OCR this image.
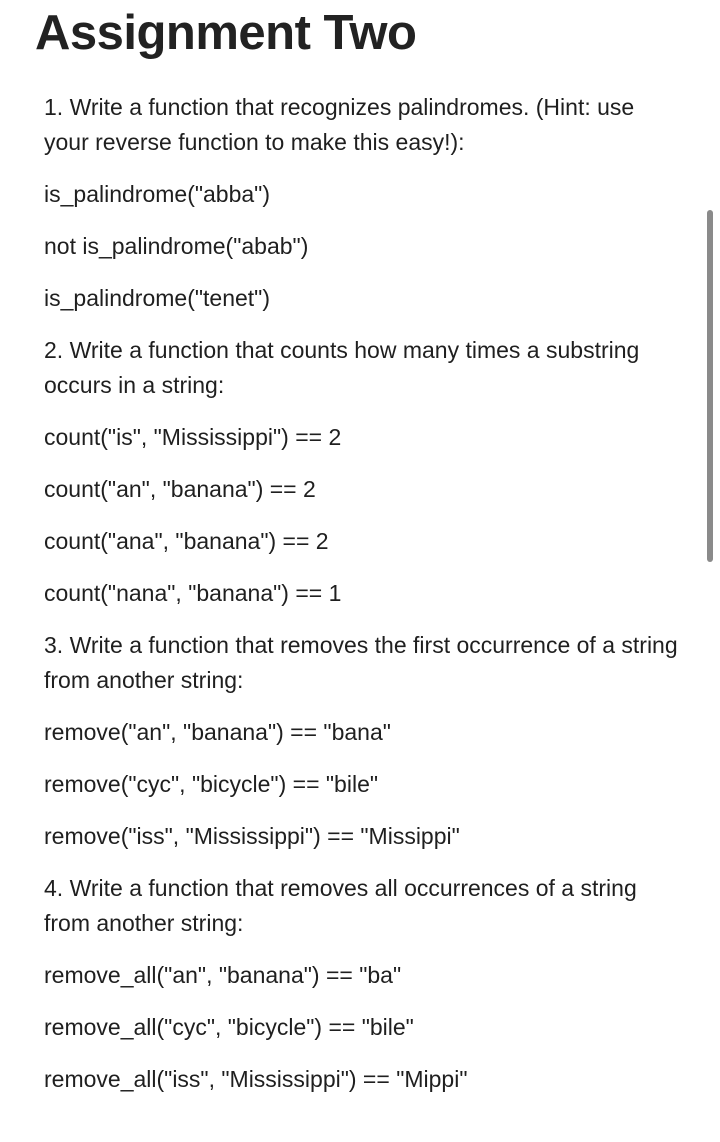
Assignment Two

1. Write a function that recognizes palindromes. (Hint: use your reverse function to make this easy!):

is_palindrome("abba")

not is_palindrome("abab")

is_palindrome("tenet")

2. Write a function that counts how many times a substring occurs in a string:

count("is", "Mississippi") == 2

count("an", "banana") == 2

count("ana", "banana") == 2

count("nana", "banana") == 1

3. Write a function that removes the first occurrence of a string from another string:

remove("an", "banana") == "bana"

remove("cyc", "bicycle") == "bile"

remove("iss", "Mississippi") == "Missippi"

4. Write a function that removes all occurrences of a string from another string:

remove_all("an", "banana") == "ba"

remove_all("cyc", "bicycle") == "bile"

remove_all("iss", "Mississippi") == "Mippi"
